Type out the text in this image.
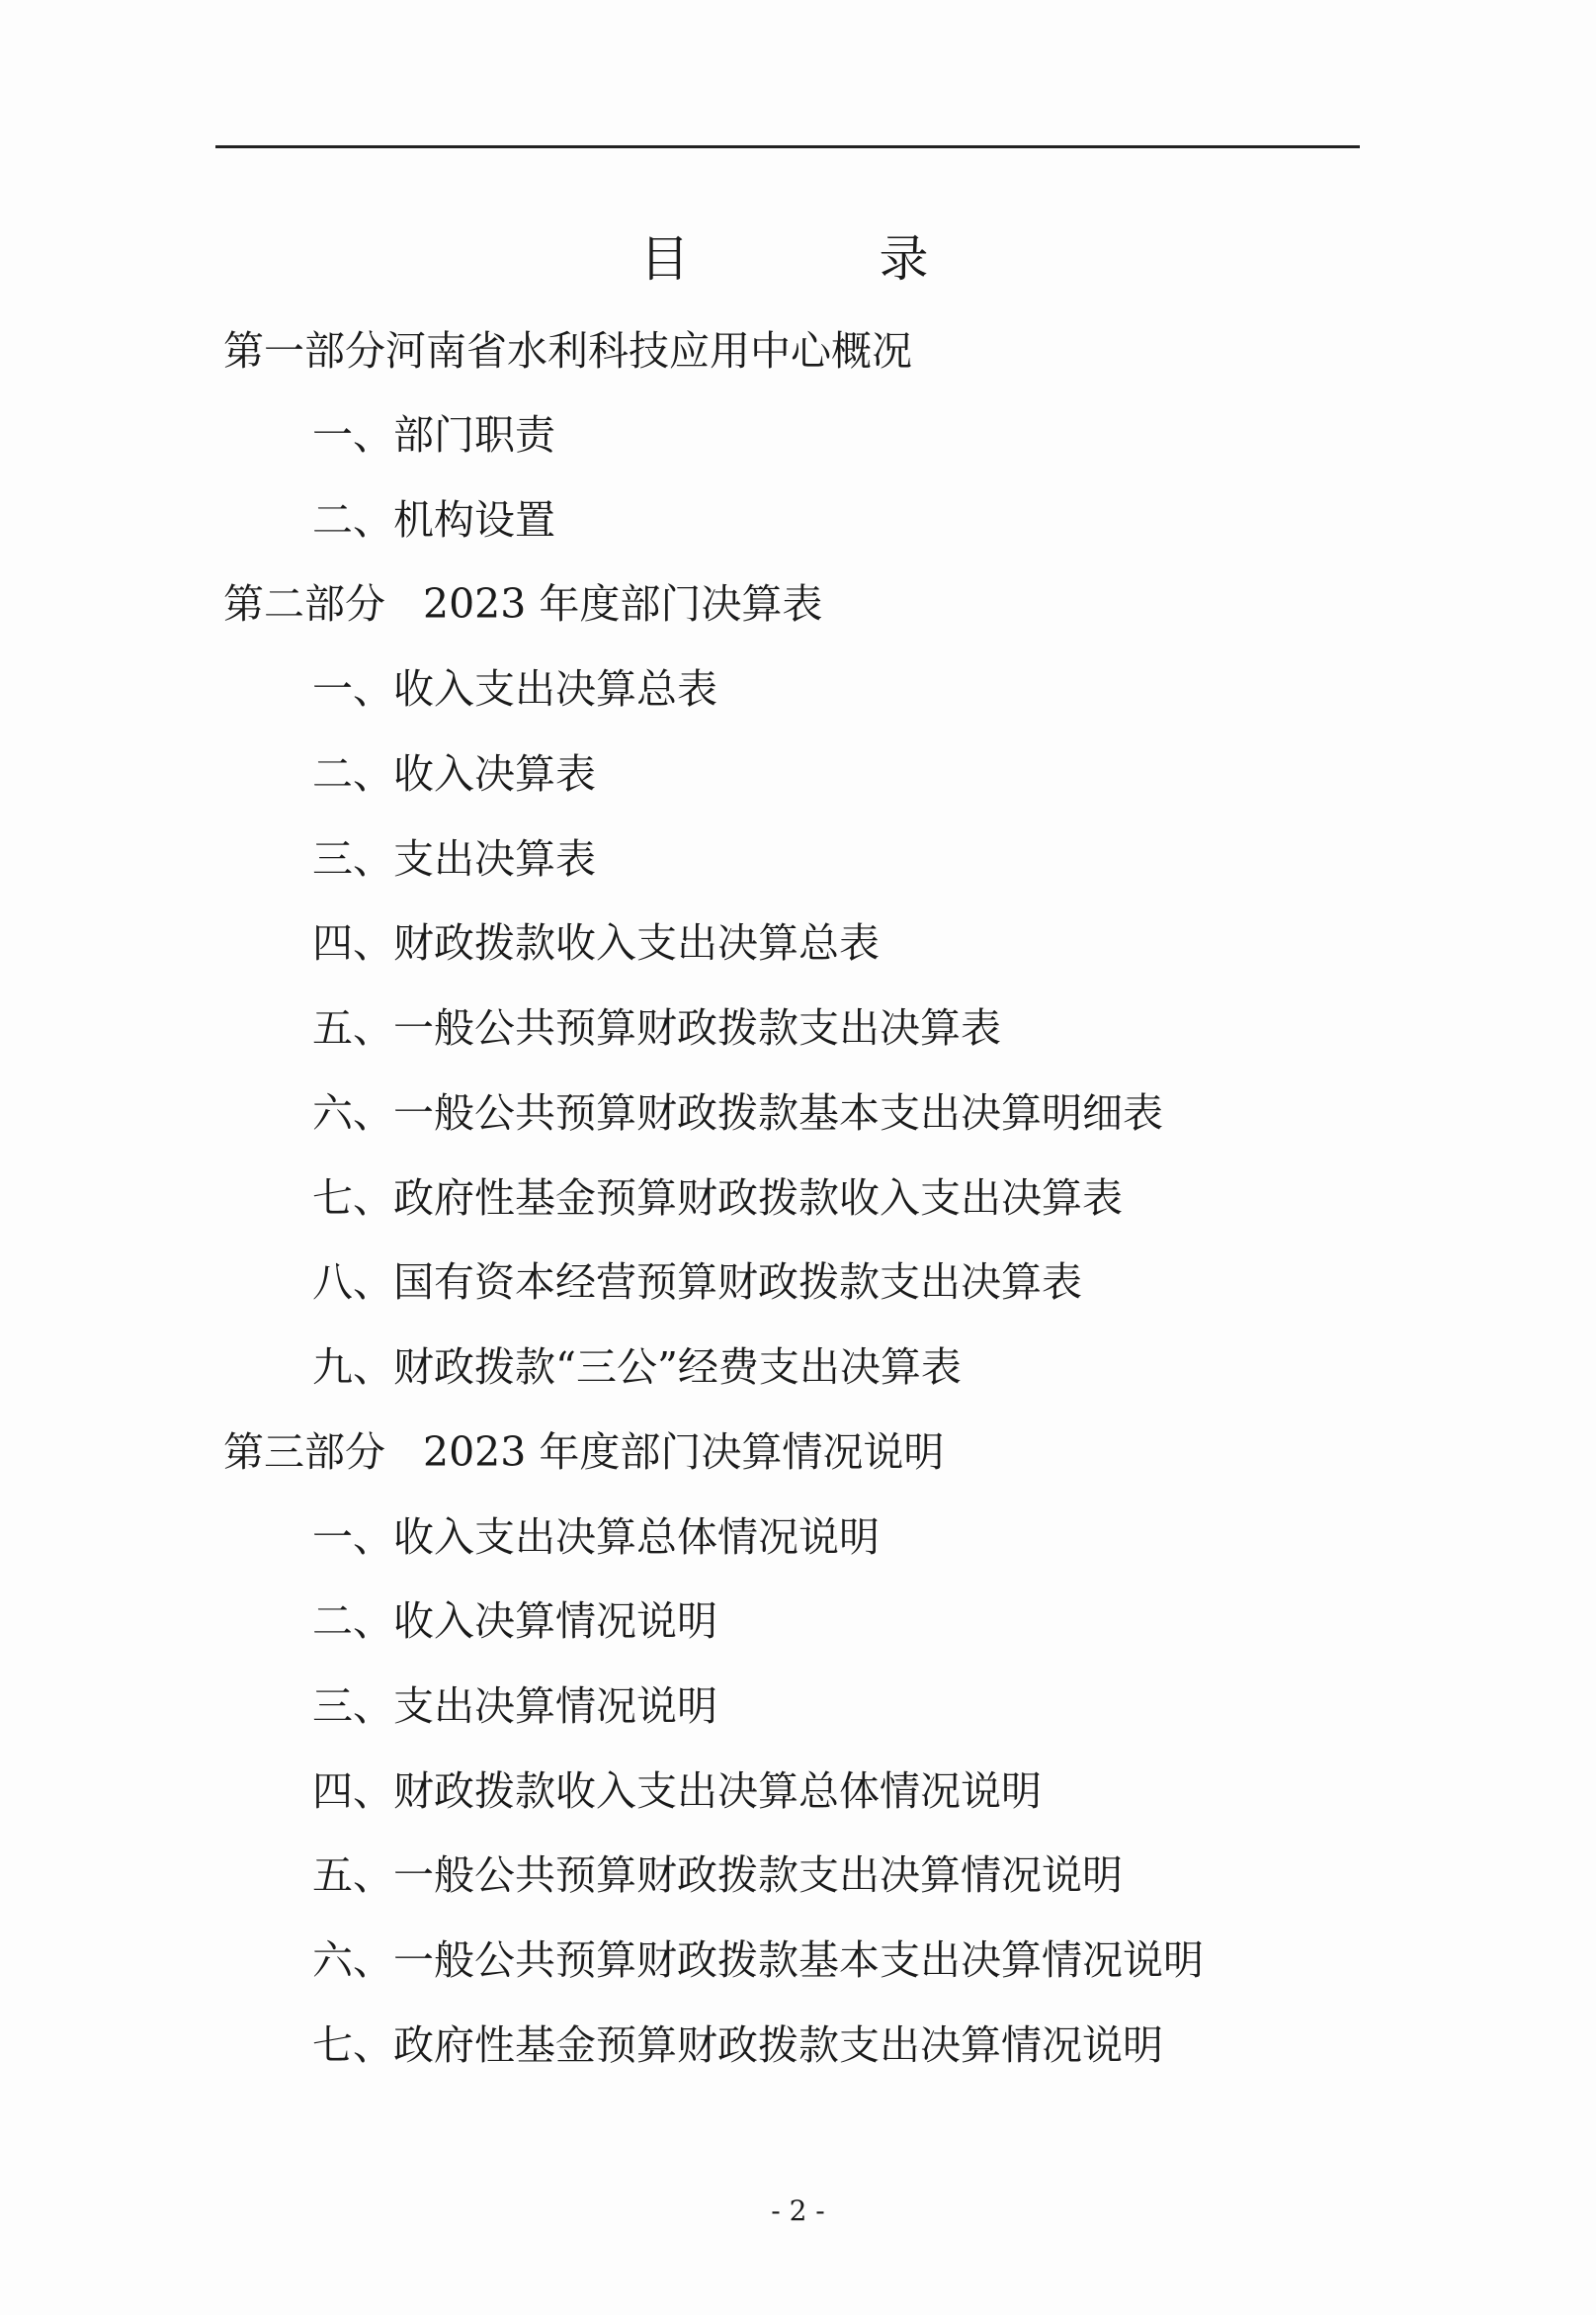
目 录
第一部分河南省水利科技应用中心概况
一、部门职责
二、机构设置
第二部分 2023 年度部门决算表
一、收入支出决算总表
二、收入决算表
三、支出决算表
四、财政拨款收入支出决算总表
五、一般公共预算财政拨款支出决算表
六、一般公共预算财政拨款基本支出决算明细表
七、政府性基金预算财政拨款收入支出决算表
八、国有资本经营预算财政拨款支出决算表
九、财政拨款“三公”经费支出决算表
第三部分 2023 年度部门决算情况说明
一、收入支出决算总体情况说明
二、收入决算情况说明
三、支出决算情况说明
四、财政拨款收入支出决算总体情况说明
五、一般公共预算财政拨款支出决算情况说明
六、一般公共预算财政拨款基本支出决算情况说明
七、政府性基金预算财政拨款支出决算情况说明
- 2 -
